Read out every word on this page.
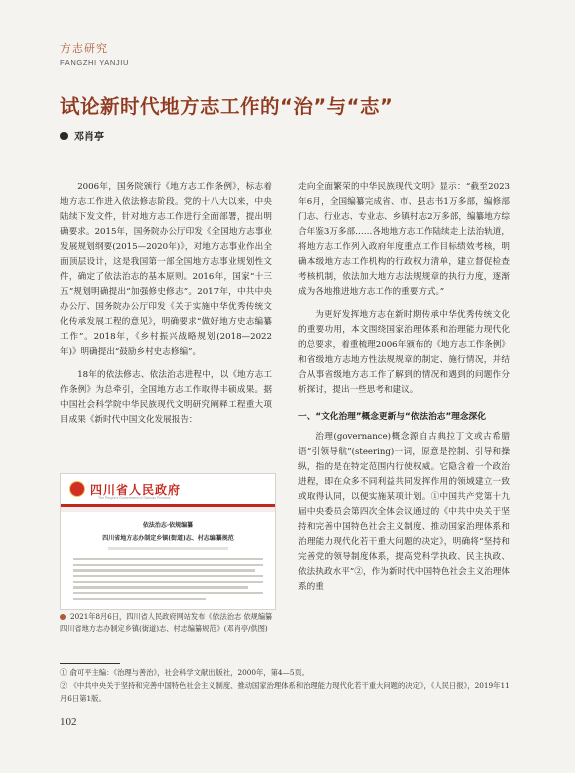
方志研究
FANGZHI YANJIU
试论新时代地方志工作的“治”与“志”
邓肖亭

2006年，国务院颁行《地方志工作条例》，标志着地方志工作进入依法修志阶段。党的十八大以来，中央陆续下发文件，针对地方志工作进行全面部署，提出明确要求。2015年，国务院办公厅印发《全国地方志事业发展规划纲要(2015—2020年)》，对地方志事业作出全面顶层设计，这是我国第一部全国地方志事业规划性文件，确定了依法治志的基本原则。2016年，国家“十三五”规划明确提出“加强修史修志”。2017年，中共中央办公厅、国务院办公厅印发《关于实施中华优秀传统文化传承发展工程的意见》，明确要求“做好地方史志编纂工作”。2018年，《乡村振兴战略规划(2018—2022年)》明确提出“鼓励乡村史志修编”。

18年的依法修志、依法治志进程中，以《地方志工作条例》为总牵引，全国地方志工作取得丰硕成果。据中国社会科学院中华民族现代文明研究阐释工程重大项目成果《新时代中国文化发展报告：

四川省人民政府
The People's Government of Sichuan Province
依法治志·依规编纂
四川省地方志办制定乡镇(街道)志、村志编纂规范
2021年8月6日，四川省人民政府网站发布《依法治志 依规编纂 四川省地方志办制定乡镇(街道)志、村志编纂规范》(邓肖亭/供图)

走向全面繁荣的中华民族现代文明》显示：“截至2023年6月，全国编纂完成省、市、县志书1万多部，编修部门志、行业志、专业志、乡镇村志2万多部，编纂地方综合年鉴3万多部……各地地方志工作陆续走上法治轨道，将地方志工作列入政府年度重点工作目标绩效考核，明确本级地方志工作机构的行政权力清单，建立督促检查考核机制，依法加大地方志法规规章的执行力度，逐渐成为各地推进地方志工作的重要方式。”

为更好发挥地方志在新时期传承中华优秀传统文化的重要功用，本文围绕国家治理体系和治理能力现代化的总要求，着重梳理2006年颁布的《地方志工作条例》和省级地方志地方性法规规章的制定、施行情况，并结合从事省级地方志工作了解到的情况和遇到的问题作分析探讨，提出一些思考和建议。

一、“文化治理”概念更新与“依法治志”理念深化

治理(governance)概念源自古典拉丁文或古希腊语“引领导航”(steering)一词，原意是控制、引导和操纵，指的是在特定范围内行使权威。它隐含着一个政治进程，即在众多不同利益共同发挥作用的领域建立一致或取得认同，以便实施某项计划。①中国共产党第十九届中央委员会第四次全体会议通过的《中共中央关于坚持和完善中国特色社会主义制度、推动国家治理体系和治理能力现代化若干重大问题的决定》，明确将“坚持和完善党的领导制度体系，提高党科学执政、民主执政、依法执政水平”②，作为新时代中国特色社会主义治理体系的重

① 俞可平主编：《治理与善治》，社会科学文献出版社，2000年，第4—5页。
② 《中共中央关于坚持和完善中国特色社会主义制度、推动国家治理体系和治理能力现代化若干重大问题的决定》，《人民日报》，2019年11月6日第1版。
102
